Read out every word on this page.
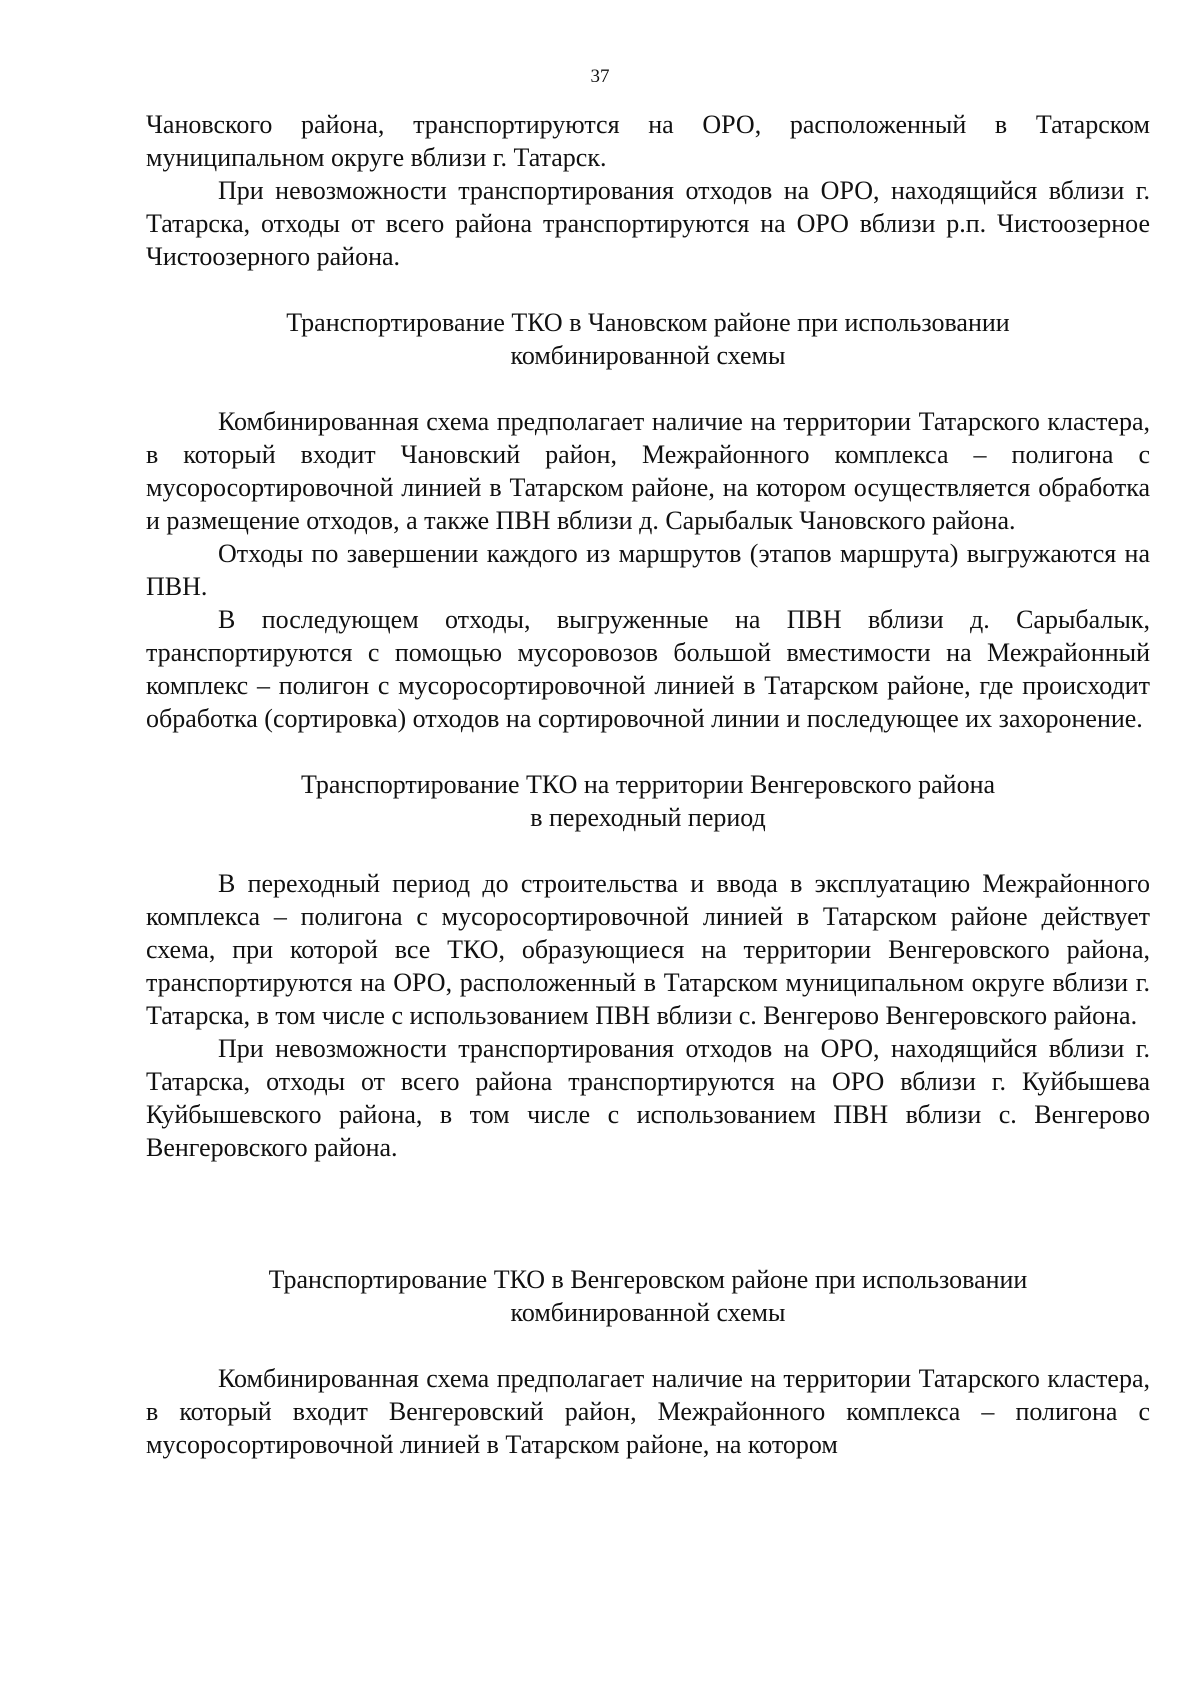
37

Чановского района, транспортируются на ОРО, расположенный в Татарском муниципальном округе вблизи г. Татарск.

При невозможности транспортирования отходов на ОРО, находящийся вблизи г. Татарска, отходы от всего района транспортируются на ОРО вблизи р.п. Чистоозерное Чистоозерного района.

Транспортирование ТКО в Чановском районе при использовании
комбинированной схемы

Комбинированная схема предполагает наличие на территории Татарского кластера, в который входит Чановский район, Межрайонного комплекса – полигона с мусоросортировочной линией в Татарском районе, на котором осуществляется обработка и размещение отходов, а также ПВН вблизи д. Сарыбалык Чановского района.

Отходы по завершении каждого из маршрутов (этапов маршрута) выгружаются на ПВН.

В последующем отходы, выгруженные на ПВН вблизи д. Сарыбалык, транспортируются с помощью мусоровозов большой вместимости на Межрайонный комплекс – полигон с мусоросортировочной линией в Татарском районе, где происходит обработка (сортировка) отходов на сортировочной линии и последующее их захоронение.

Транспортирование ТКО на территории Венгеровского района
в переходный период

В переходный период до строительства и ввода в эксплуатацию Межрайонного комплекса – полигона с мусоросортировочной линией в Татарском районе действует схема, при которой все ТКО, образующиеся на территории Венгеровского района, транспортируются на ОРО, расположенный в Татарском муниципальном округе вблизи г. Татарска, в том числе с использованием ПВН вблизи с. Венгерово Венгеровского района.

При невозможности транспортирования отходов на ОРО, находящийся вблизи г. Татарска, отходы от всего района транспортируются на ОРО вблизи г. Куйбышева Куйбышевского района, в том числе с использованием ПВН вблизи с. Венгерово Венгеровского района.

Транспортирование ТКО в Венгеровском районе при использовании
комбинированной схемы

Комбинированная схема предполагает наличие на территории Татарского кластера, в который входит Венгеровский район, Межрайонного комплекса – полигона с мусоросортировочной линией в Татарском районе, на котором
